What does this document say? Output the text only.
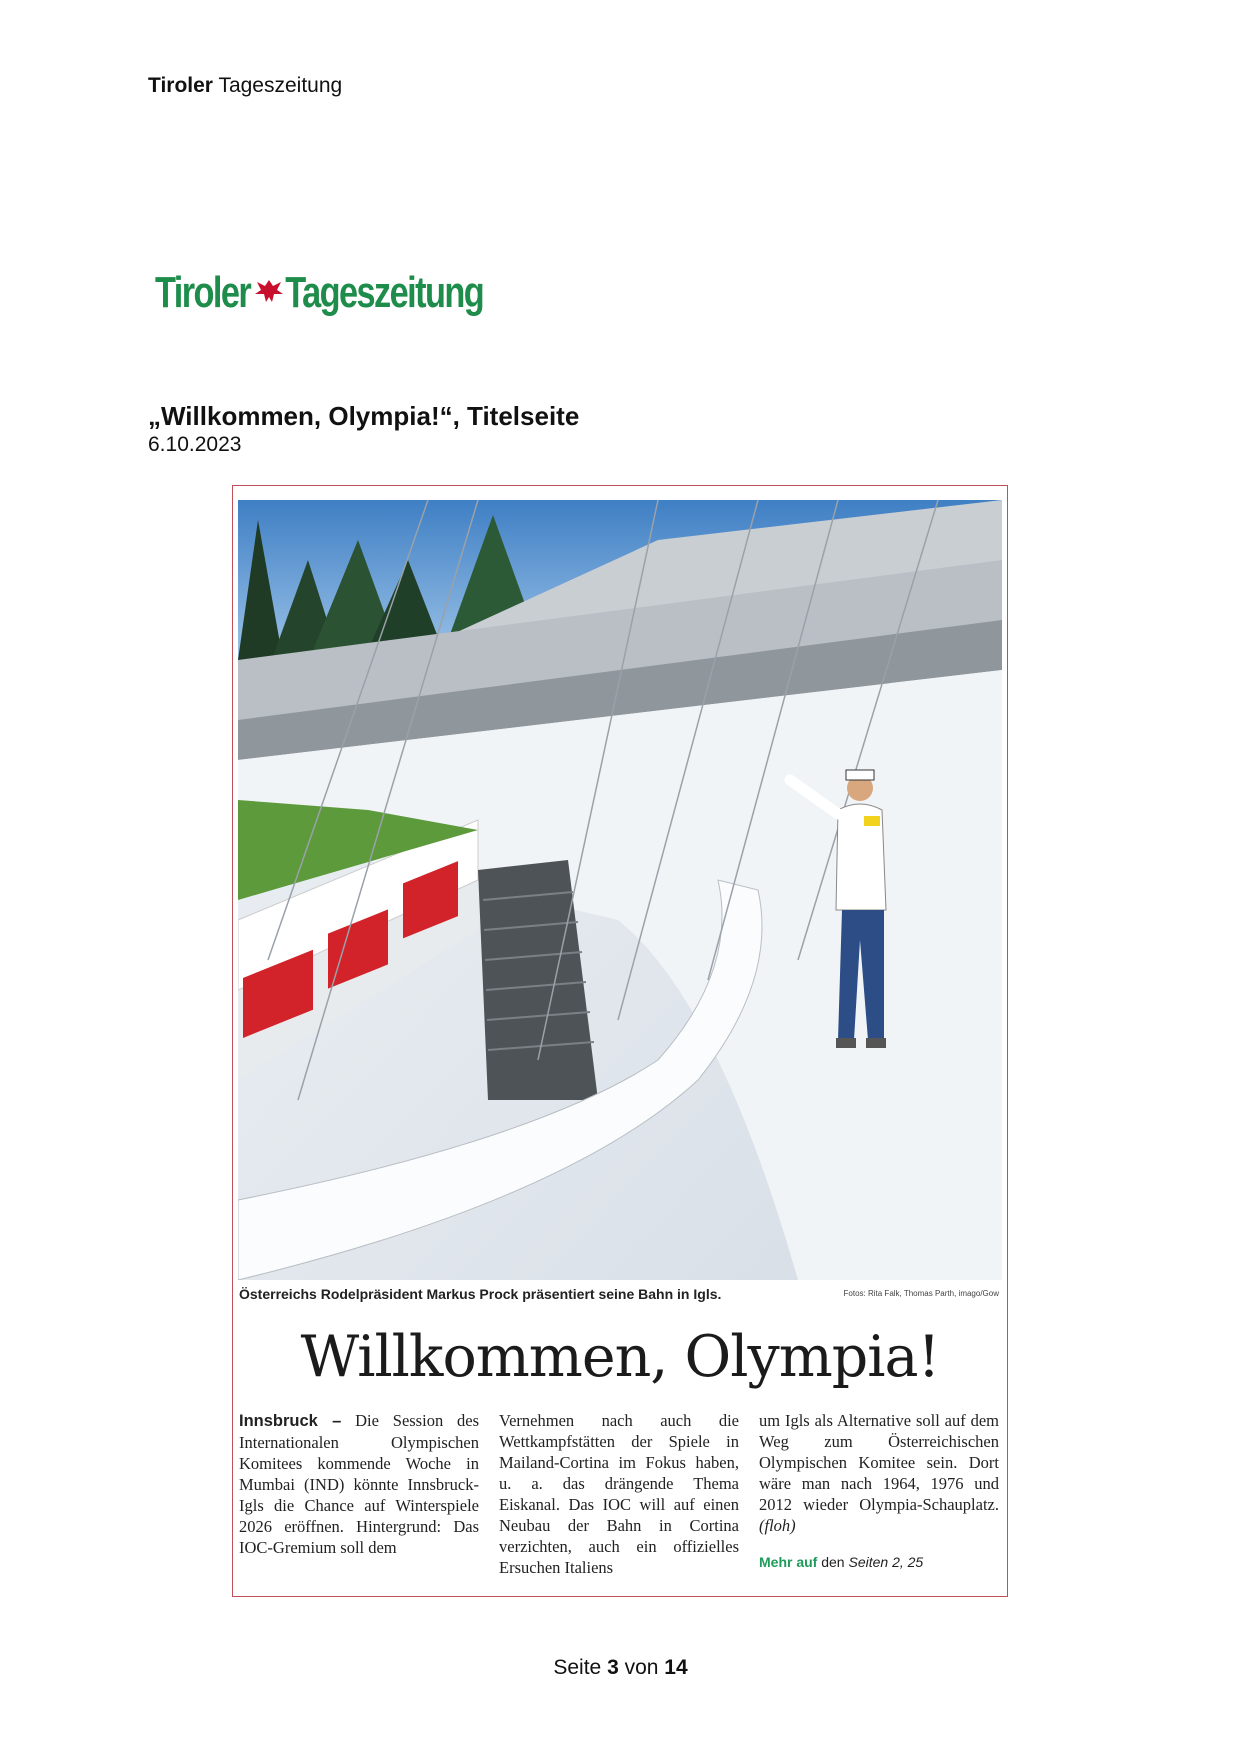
Tiroler Tageszeitung
Tiroler Tageszeitung
„Willkommen, Olympia!“, Titelseite
6.10.2023
Österreichs Rodelpräsident Markus Prock präsentiert seine Bahn in Igls.	Fotos: Rita Falk, Thomas Parth, imago/Gow
Willkommen, Olympia!
Innsbruck – Die Session des Internationalen Olympischen Komitees kommende Woche in Mumbai (IND) könnte Innsbruck-Igls die Chance auf Winterspiele 2026 eröffnen. Hintergrund: Das IOC-Gremium soll dem
Vernehmen nach auch die Wettkampfstätten der Spiele in Mailand-Cortina im Fokus haben, u. a. das drängende Thema Eiskanal. Das IOC will auf einen Neubau der Bahn in Cortina verzichten, auch ein offizielles Ersuchen Italiens
um Igls als Alternative soll auf dem Weg zum Österreichischen Olympischen Komitee sein. Dort wäre man nach 1964, 1976 und 2012 wieder Olympia-Schauplatz. (floh)
Mehr auf den Seiten 2, 25
Seite 3 von 14
